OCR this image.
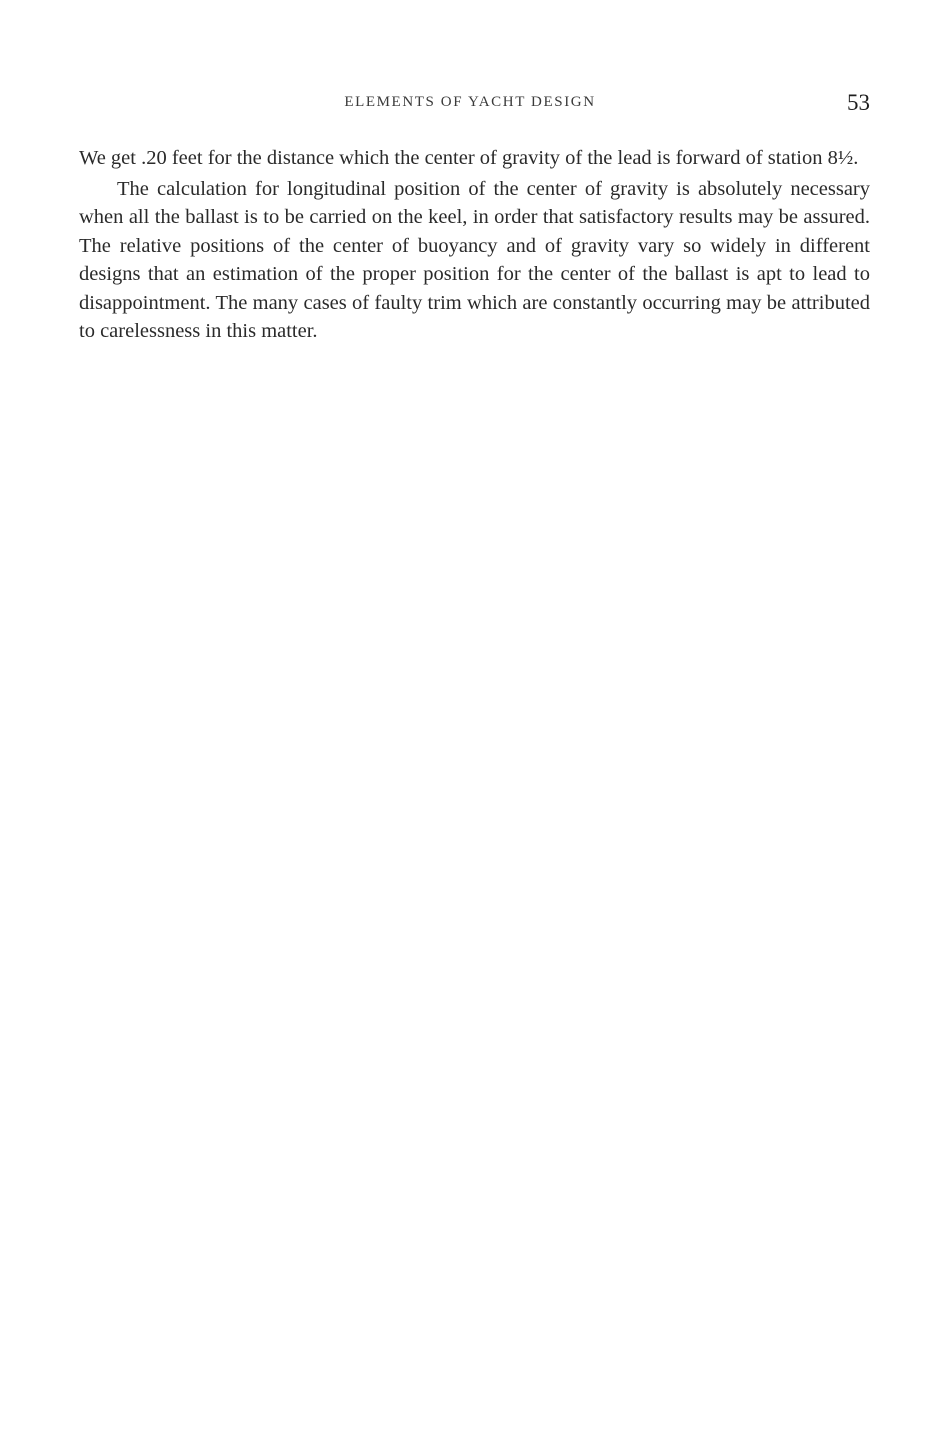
ELEMENTS OF YACHT DESIGN	53

We get .20 feet for the distance which the center of gravity of the lead is forward of station 8½.

The calculation for longitudinal position of the center of gravity is absolutely necessary when all the ballast is to be carried on the keel, in order that satisfactory results may be assured. The relative positions of the center of buoyancy and of gravity vary so widely in different designs that an estimation of the proper position for the center of the ballast is apt to lead to disappointment. The many cases of faulty trim which are constantly occurring may be attributed to carelessness in this matter.
